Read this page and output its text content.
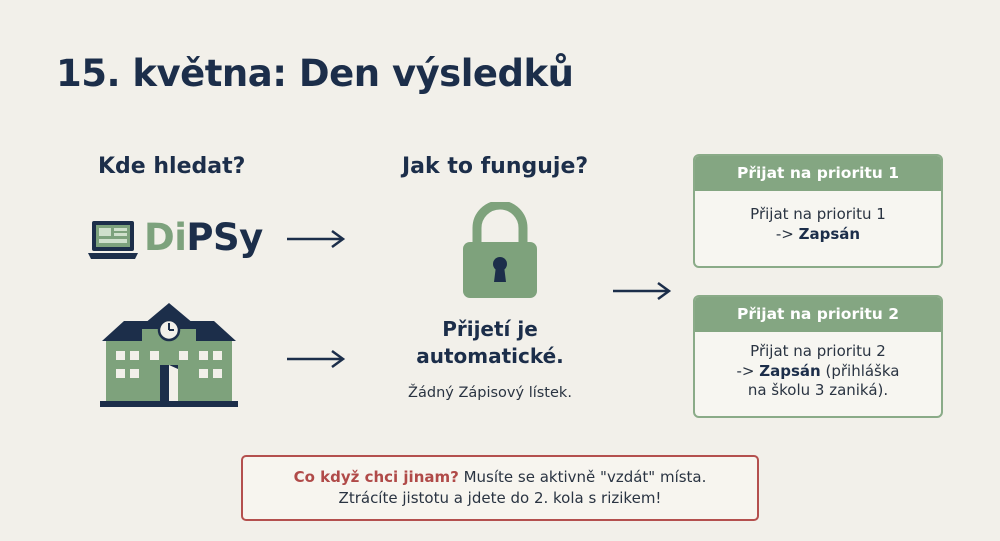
15. května: Den výsledků
Kde hledat?	Jak to funguje?
DiPSy
Přijetí je
automatické.
Žádný Zápisový lístek.
Přijat na prioritu 1
Přijat na prioritu 1
-> Zapsán
Přijat na prioritu 2
Přijat na prioritu 2
-> Zapsán (přihláška
na školu 3 zaniká).
Co když chci jinam? Musíte se aktivně "vzdát" místa.
Ztrácíte jistotu a jdete do 2. kola s rizikem!
